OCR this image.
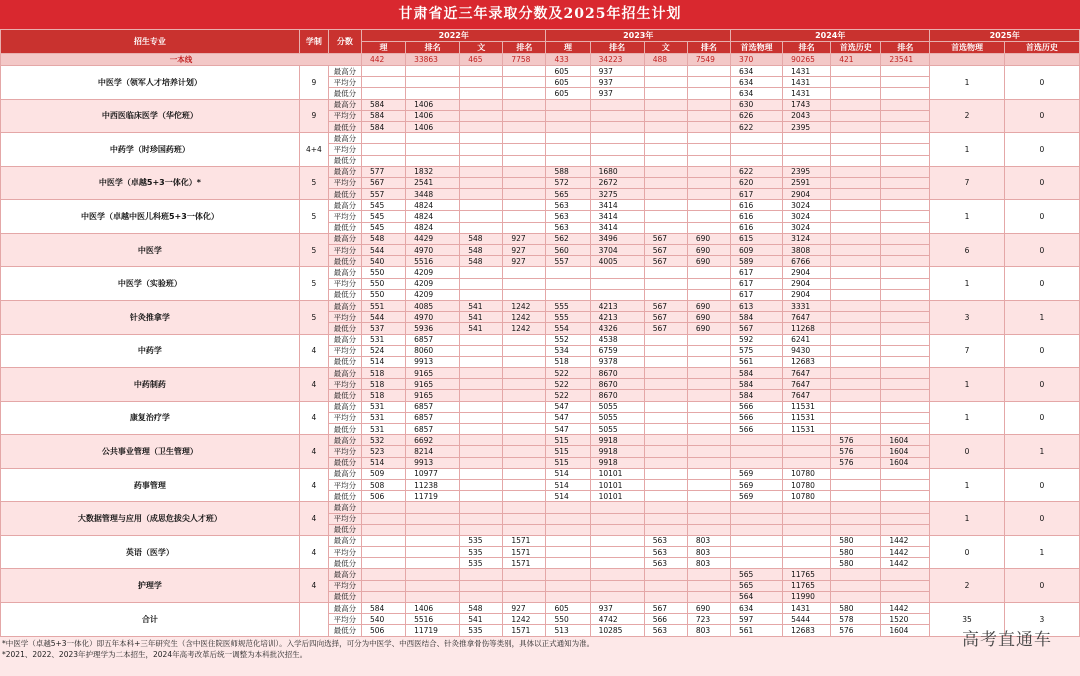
甘肃省近三年录取分数及2025年招生计划
招生专业	学制	分数	2022年				2023年				2024年				2025年	
			理	排名	文	排名	理	排名	文	排名	首选物理	排名	首选历史	排名	首选物理	首选历史
一本线			442	33863	465	7758	433	34223	488	7549	370	90265	421	23541		
中医学（领军人才培养计划）	9	最高分					605	937			634	1431			1	0
		平均分					605	937			634	1431				
		最低分					605	937			634	1431				
中西医临床医学（华佗班）	9	最高分	584	1406							630	1743			2	0
		平均分	584	1406							626	2043				
		最低分	584	1406							622	2395				
中药学（时珍国药班）	4+4	最高分													1	0
		平均分														
		最低分														
中医学（卓越5+3一体化）*	5	最高分	577	1832			588	1680			622	2395			7	0
		平均分	567	2541			572	2672			620	2591				
		最低分	557	3448			565	3275			617	2904				
中医学（卓越中医儿科班5+3一体化）	5	最高分	545	4824			563	3414			616	3024			1	0
		平均分	545	4824			563	3414			616	3024				
		最低分	545	4824			563	3414			616	3024				
中医学	5	最高分	548	4429	548	927	562	3496	567	690	615	3124			6	0
		平均分	544	4970	548	927	560	3704	567	690	609	3808				
		最低分	540	5516	548	927	557	4005	567	690	589	6766				
中医学（实验班）	5	最高分	550	4209							617	2904			1	0
		平均分	550	4209							617	2904				
		最低分	550	4209							617	2904				
针灸推拿学	5	最高分	551	4085	541	1242	555	4213	567	690	613	3331			3	1
		平均分	544	4970	541	1242	555	4213	567	690	584	7647				
		最低分	537	5936	541	1242	554	4326	567	690	567	11268				
中药学	4	最高分	531	6857			552	4538			592	6241			7	0
		平均分	524	8060			534	6759			575	9430				
		最低分	514	9913			518	9378			561	12683				
中药制药	4	最高分	518	9165			522	8670			584	7647			1	0
		平均分	518	9165			522	8670			584	7647				
		最低分	518	9165			522	8670			584	7647				
康复治疗学	4	最高分	531	6857			547	5055			566	11531			1	0
		平均分	531	6857			547	5055			566	11531				
		最低分	531	6857			547	5055			566	11531				
公共事业管理（卫生管理）	4	最高分	532	6692			515	9918					576	1604	0	1
		平均分	523	8214			515	9918					576	1604		
		最低分	514	9913			515	9918					576	1604		
药事管理	4	最高分	509	10977			514	10101			569	10780			1	0
		平均分	508	11238			514	10101			569	10780				
		最低分	506	11719			514	10101			569	10780				
大数据管理与应用（成思危拔尖人才班）	4	最高分													1	0
		平均分														
		最低分														
英语（医学）	4	最高分			535	1571			563	803			580	1442	0	1
		平均分			535	1571			563	803			580	1442		
		最低分			535	1571			563	803			580	1442		
护理学	4	最高分									565	11765			2	0
		平均分									565	11765				
		最低分									564	11990				
合计		最高分	584	1406	548	927	605	937	567	690	634	1431	580	1442	35	3
		平均分	540	5516	541	1242	550	4742	566	723	597	5444	578	1520		
		最低分	506	11719	535	1571	513	10285	563	803	561	12683	576	1604		
*中医学（卓越5+3一体化）即五年本科+三年研究生（含中医住院医师规范化培训）。入学后四向选择，可分为中医学、中西医结合、针灸推拿骨伤等类别，具体以正式通知为准。
*2021、2022、2023年护理学为二本招生，2024年高考改革后统一调整为本科批次招生。
高考直通车
